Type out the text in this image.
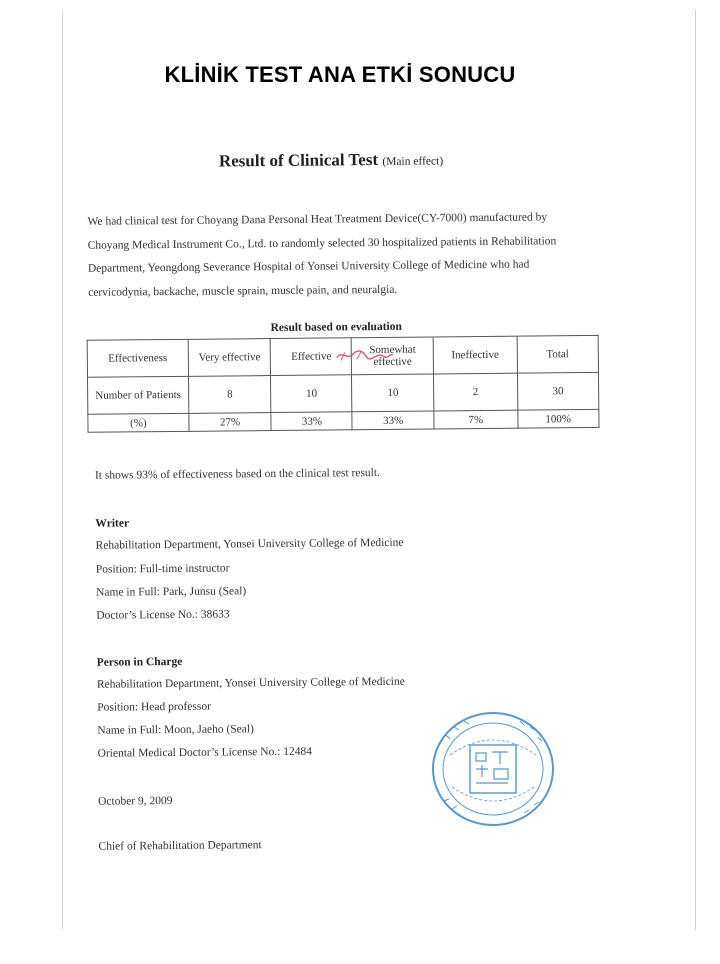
KLİNİK TEST ANA ETKİ SONUCU
Result of Clinical Test (Main effect)
We had clinical test for Choyang Dana Personal Heat Treatment Device(CY-7000) manufactured by
Choyang Medical Instrument Co., Ltd. to randomly selected 30 hospitalized patients in Rehabilitation
Department, Yeongdong Severance Hospital of Yonsei University College of Medicine who had
cervicodynia, backache, muscle sprain, muscle pain, and neuralgia.
Result based on evaluation
Effectiveness	Very effective	Effective	Somewhat effective	Ineffective	Total
Number of Patients	8	10	10	2	30
(%)	27%	33%	33%	7%	100%
It shows 93% of effectiveness based on the clinical test result.
Writer
Rehabilitation Department, Yonsei University College of Medicine
Position: Full-time instructor
Name in Full: Park, Junsu (Seal)
Doctor’s License No.: 38633
Person in Charge
Rehabilitation Department, Yonsei University College of Medicine
Position: Head professor
Name in Full: Moon, Jaeho (Seal)
Oriental Medical Doctor’s License No.: 12484
October 9, 2009
Chief of Rehabilitation Department
